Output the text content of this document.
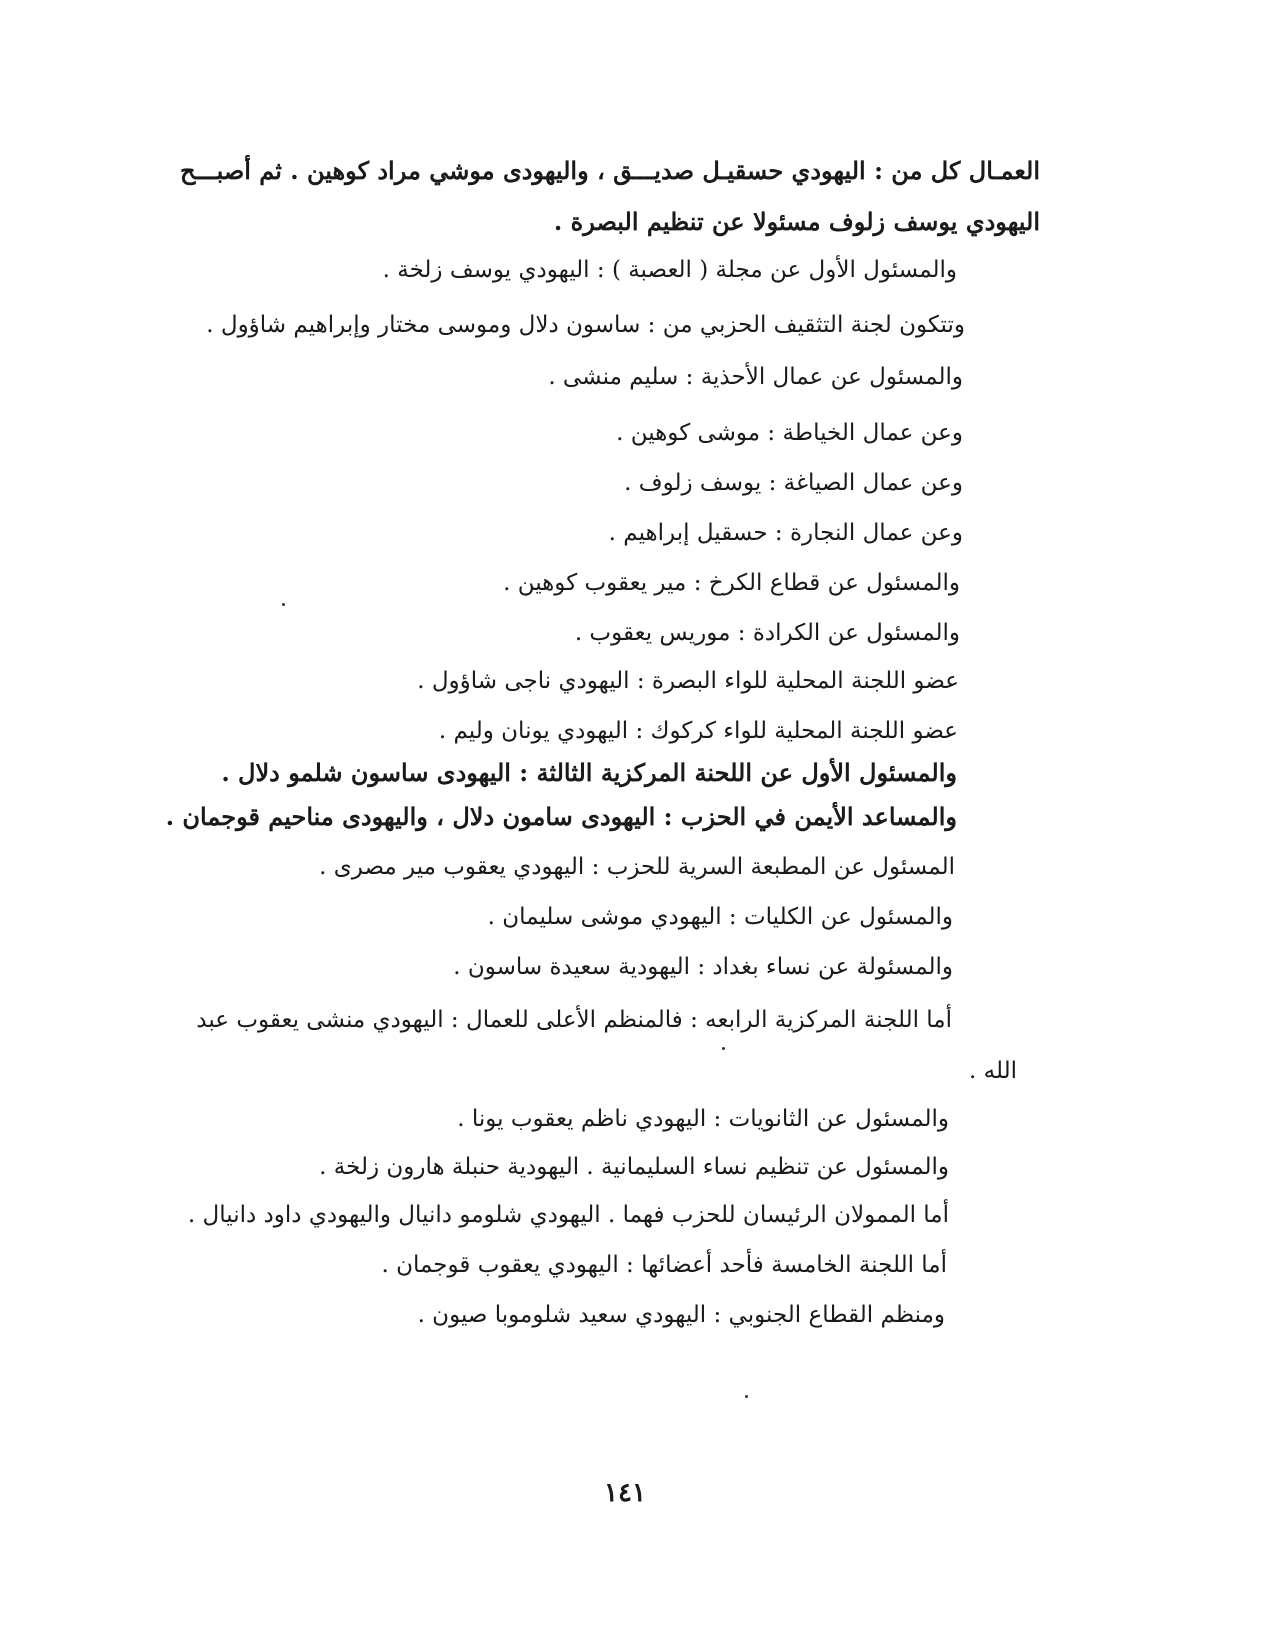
العمـال كل من : اليهودي حسقيـل صديـــق ، واليهودى موشي مراد كوهين . ثم أصبـــح
اليهودي يوسف زلوف مسئولا عن تنظيم البصرة .
والمسئول الأول عن مجلة ( العصبة ) : اليهودي يوسف زلخة .
وتتكون لجنة التثقيف الحزبي من : ساسون دلال وموسى مختار وإبراهيم شاؤول .
والمسئول عن عمال الأحذية : سليم منشى .
وعن عمال الخياطة : موشى كوهين .
وعن عمال الصياغة : يوسف زلوف .
وعن عمال النجارة : حسقيل إبراهيم .
والمسئول عن قطاع الكرخ : مير يعقوب كوهين .
والمسئول عن الكرادة : موريس يعقوب .
عضو اللجنة المحلية للواء البصرة : اليهودي ناجى شاؤول .
عضو اللجنة المحلية للواء كركوك : اليهودي يونان وليم .
والمسئول الأول عن اللحنة المركزية الثالثة : اليهودى ساسون شلمو دلال .
والمساعد الأيمن في الحزب : اليهودى سامون دلال ، واليهودى مناحيم قوجمان .
المسئول عن المطبعة السرية للحزب : اليهودي يعقوب مير مصرى .
والمسئول عن الكليات : اليهودي موشى سليمان .
والمسئولة عن نساء بغداد : اليهودية سعيدة ساسون .
أما اللجنة المركزية الرابعه : فالمنظم الأعلى للعمال : اليهودي منشى يعقوب عبد
الله .
والمسئول عن الثانويات : اليهودي ناظم يعقوب يونا .
والمسئول عن تنظيم نساء السليمانية . اليهودية حنبلة هارون زلخة .
أما الممولان الرئيسان للحزب فهما . اليهودي شلومو دانيال واليهودي داود دانيال .
أما اللجنة الخامسة فأحد أعضائها : اليهودي يعقوب قوجمان .
ومنظم القطاع الجنوبي : اليهودي سعيد شلوموبا صيون .
١٤١
